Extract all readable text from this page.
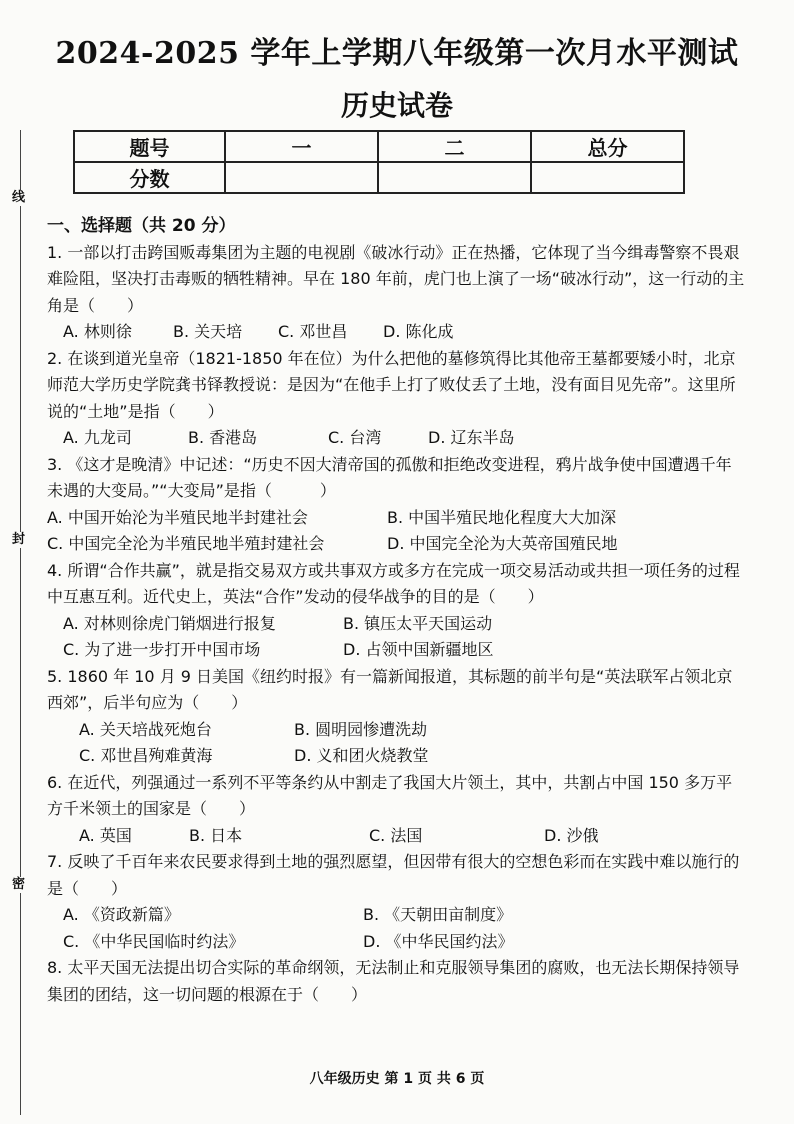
线
封
密
2024-2025 学年上学期八年级第一次月水平测试
历史试卷
题号	一	二	总分
分数			
一、选择题（共 20 分）

1. 一部以打击跨国贩毒集团为主题的电视剧《破冰行动》正在热播，它体现了当今缉毒警察不畏艰难险阻，坚决打击毒贩的牺牲精神。早在 180 年前，虎门也上演了一场“破冰行动”，这一行动的主角是（　　）

A. 林则徐	B. 关天培	C. 邓世昌	D. 陈化成

2. 在谈到道光皇帝（1821-1850 年在位）为什么把他的墓修筑得比其他帝王墓都要矮小时，北京师范大学历史学院龚书铎教授说：是因为“在他手上打了败仗丢了土地，没有面目见先帝”。这里所说的“土地”是指（　　）

A. 九龙司	B. 香港岛	C. 台湾	D. 辽东半岛

3. 《这才是晚清》中记述：“历史不因大清帝国的孤傲和拒绝改变进程，鸦片战争使中国遭遇千年未遇的大变局。”“大变局”是指（　　　）

A. 中国开始沦为半殖民地半封建社会	B. 中国半殖民地化程度大大加深
C. 中国完全沦为半殖民地半殖封建社会	D. 中国完全沦为大英帝国殖民地

4. 所谓“合作共赢”，就是指交易双方或共事双方或多方在完成一项交易活动或共担一项任务的过程中互惠互利。近代史上，英法“合作”发动的侵华战争的目的是（　　）

A. 对林则徐虎门销烟进行报复	B. 镇压太平天国运动
C. 为了进一步打开中国市场	D. 占领中国新疆地区

5. 1860 年 10 月 9 日美国《纽约时报》有一篇新闻报道，其标题的前半句是“英法联军占领北京西郊”，后半句应为（　　）

A. 关天培战死炮台	B. 圆明园惨遭洗劫
C. 邓世昌殉难黄海	D. 义和团火烧教堂

6. 在近代，列强通过一系列不平等条约从中割走了我国大片领土，其中，共割占中国 150 多万平方千米领土的国家是（　　）

A. 英国	B. 日本	C. 法国	D. 沙俄

7. 反映了千百年来农民要求得到土地的强烈愿望，但因带有很大的空想色彩而在实践中难以施行的是（　　）

A. 《资政新篇》	B. 《天朝田亩制度》
C. 《中华民国临时约法》	D. 《中华民国约法》

8. 太平天国无法提出切合实际的革命纲领，无法制止和克服领导集团的腐败，也无法长期保持领导集团的团结，这一切问题的根源在于（　　）

八年级历史 第 1 页 共 6 页
